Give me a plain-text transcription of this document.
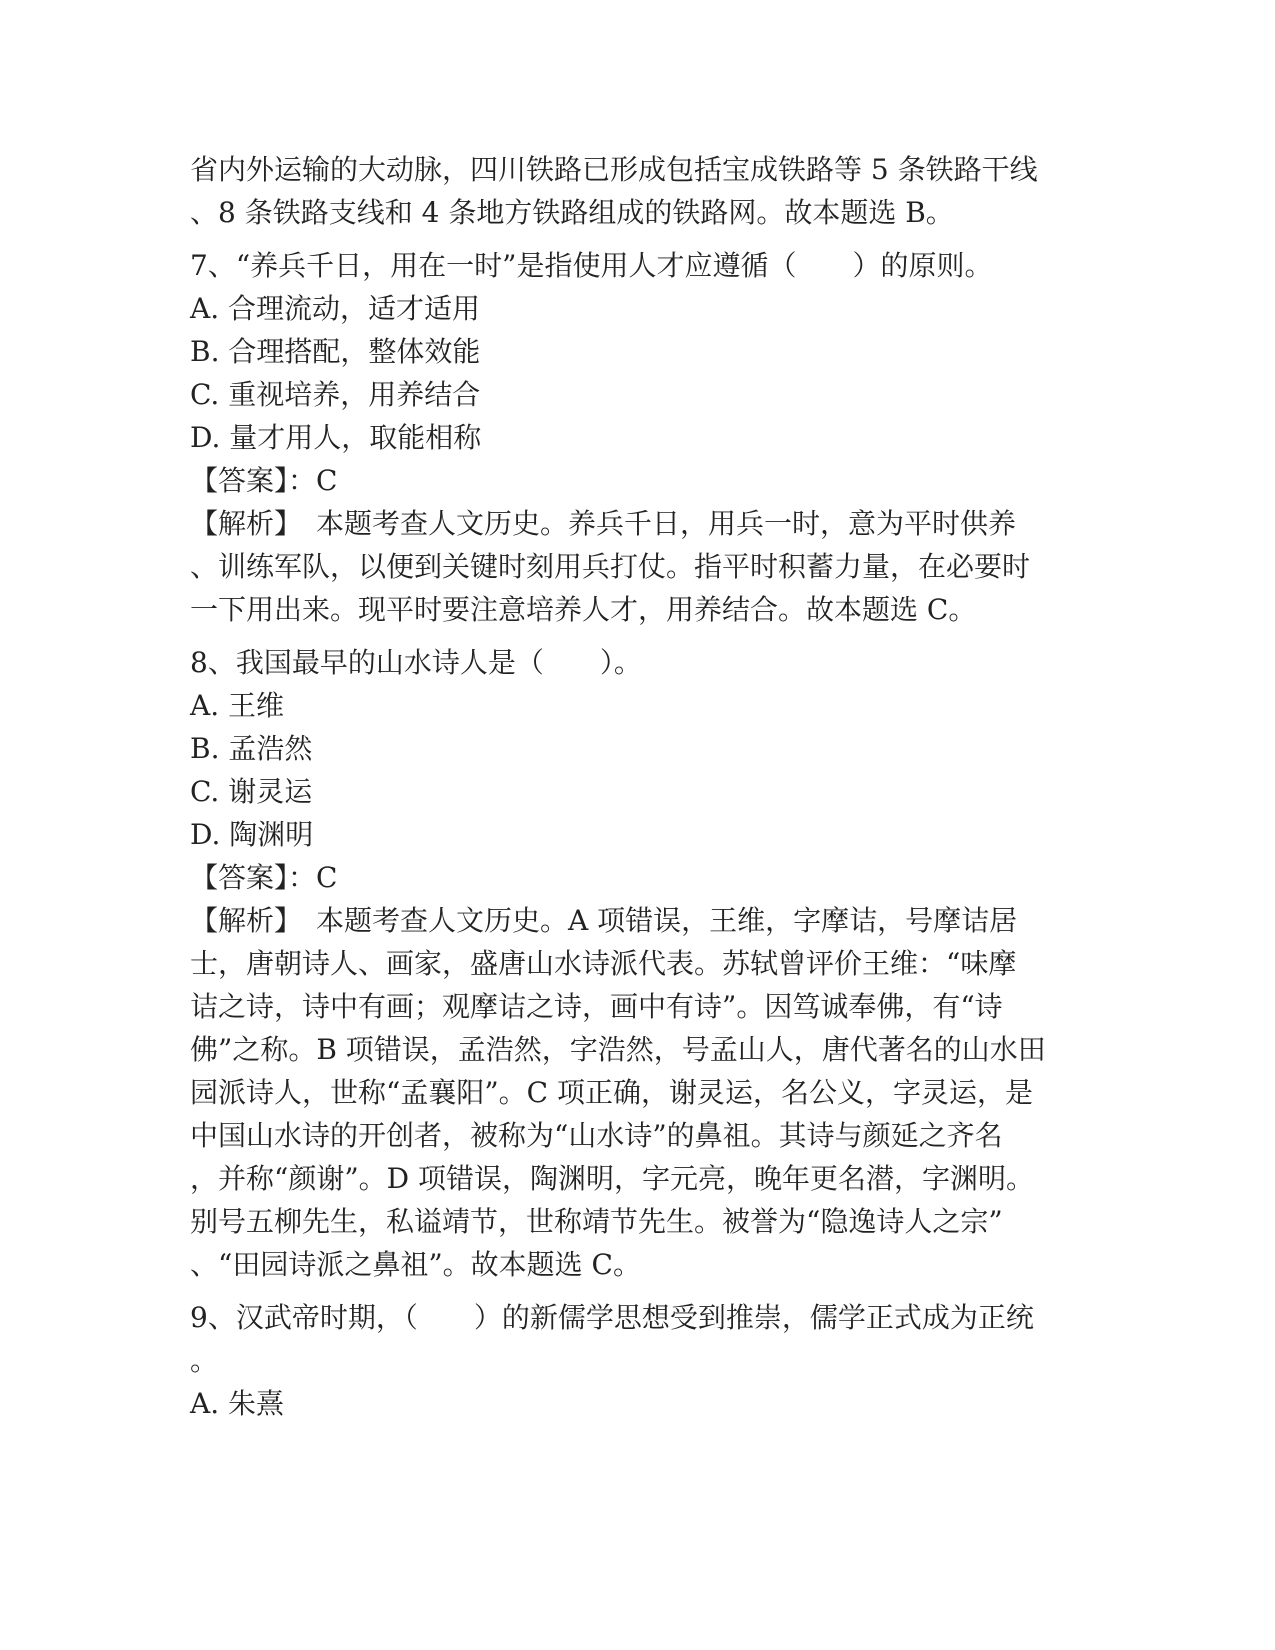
省内外运输的大动脉，四川铁路已形成包括宝成铁路等 5 条铁路干线
、8 条铁路支线和 4 条地方铁路组成的铁路网。故本题选 B。
7、“养兵千日，用在一时”是指使用人才应遵循（　　）的原则。
A. 合理流动，适才适用
B. 合理搭配，整体效能
C. 重视培养，用养结合
D. 量才用人，取能相称
【答案】：C
【解析】　本题考查人文历史。养兵千日，用兵一时，意为平时供养
、训练军队，以便到关键时刻用兵打仗。指平时积蓄力量，在必要时
一下用出来。现平时要注意培养人才，用养结合。故本题选 C。
8、我国最早的山水诗人是（　　）。
A. 王维
B. 孟浩然
C. 谢灵运
D. 陶渊明
【答案】：C
【解析】　本题考查人文历史。A 项错误，王维，字摩诘，号摩诘居
士，唐朝诗人、画家，盛唐山水诗派代表。苏轼曾评价王维：“味摩
诘之诗，诗中有画；观摩诘之诗，画中有诗”。因笃诚奉佛，有“诗
佛”之称。B 项错误，孟浩然，字浩然，号孟山人，唐代著名的山水田
园派诗人，世称“孟襄阳”。C 项正确，谢灵运，名公义，字灵运，是
中国山水诗的开创者，被称为“山水诗”的鼻祖。其诗与颜延之齐名
，并称“颜谢”。D 项错误，陶渊明，字元亮，晚年更名潜，字渊明。
别号五柳先生，私谥靖节，世称靖节先生。被誉为“隐逸诗人之宗”
、“田园诗派之鼻祖”。故本题选 C。
9、汉武帝时期，（　　）的新儒学思想受到推崇，儒学正式成为正统
。
A. 朱熹
